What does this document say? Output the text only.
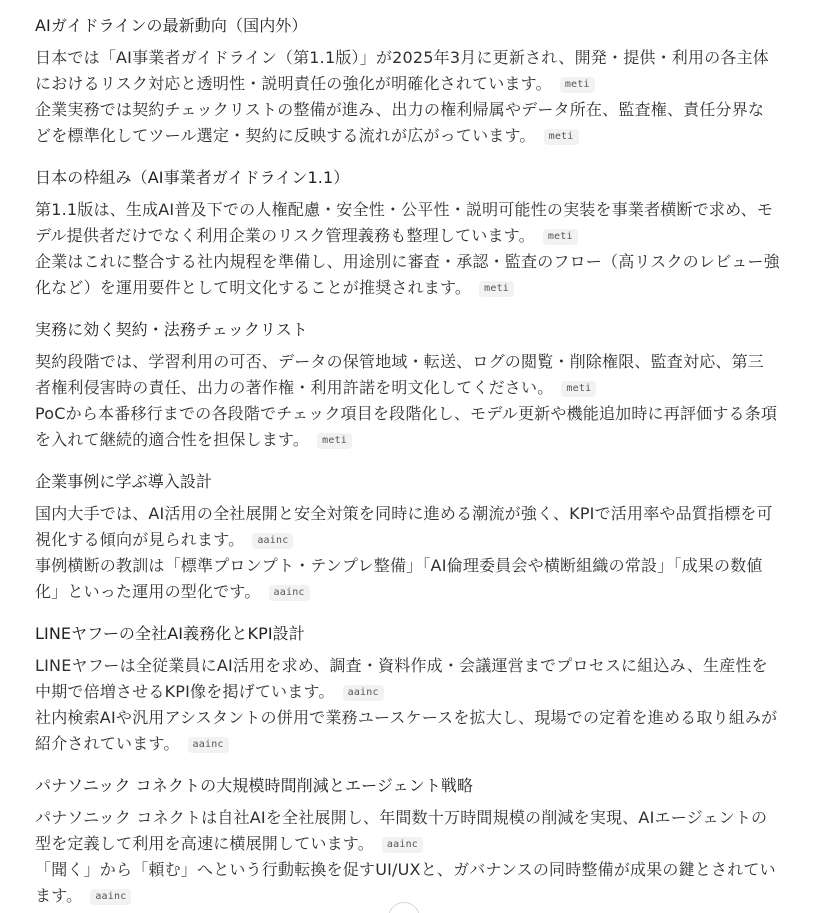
AIガイドラインの最新動向（国内外）

日本では「AI事業者ガイドライン（第1.1版）」が2025年3月に更新され、開発・提供・利用の各主体におけるリスク対応と透明性・説明責任の強化が明確化されています。 meti

企業実務では契約チェックリストの整備が進み、出力の権利帰属やデータ所在、監査権、責任分界などを標準化してツール選定・契約に反映する流れが広がっています。 meti

日本の枠組み（AI事業者ガイドライン1.1）

第1.1版は、生成AI普及下での人権配慮・安全性・公平性・説明可能性の実装を事業者横断で求め、モデル提供者だけでなく利用企業のリスク管理義務も整理しています。 meti

企業はこれに整合する社内規程を準備し、用途別に審査・承認・監査のフロー（高リスクのレビュー強化など）を運用要件として明文化することが推奨されます。 meti

実務に効く契約・法務チェックリスト

契約段階では、学習利用の可否、データの保管地域・転送、ログの閲覧・削除権限、監査対応、第三者権利侵害時の責任、出力の著作権・利用許諾を明文化してください。 meti

PoCから本番移行までの各段階でチェック項目を段階化し、モデル更新や機能追加時に再評価する条項を入れて継続的適合性を担保します。 meti

企業事例に学ぶ導入設計

国内大手では、AI活用の全社展開と安全対策を同時に進める潮流が強く、KPIで活用率や品質指標を可視化する傾向が見られます。 aainc

事例横断の教訓は「標準プロンプト・テンプレ整備」「AI倫理委員会や横断組織の常設」「成果の数値化」といった運用の型化です。 aainc

LINEヤフーの全社AI義務化とKPI設計

LINEヤフーは全従業員にAI活用を求め、調査・資料作成・会議運営までプロセスに組込み、生産性を中期で倍増させるKPI像を掲げています。 aainc

社内検索AIや汎用アシスタントの併用で業務ユースケースを拡大し、現場での定着を進める取り組みが紹介されています。 aainc

パナソニック コネクトの大規模時間削減とエージェント戦略

パナソニック コネクトは自社AIを全社展開し、年間数十万時間規模の削減を実現、AIエージェントの型を定義して利用を高速に横展開しています。 aainc

「聞く」から「頼む」へという行動転換を促すUI/UXと、ガバナンスの同時整備が成果の鍵とされています。 aainc
